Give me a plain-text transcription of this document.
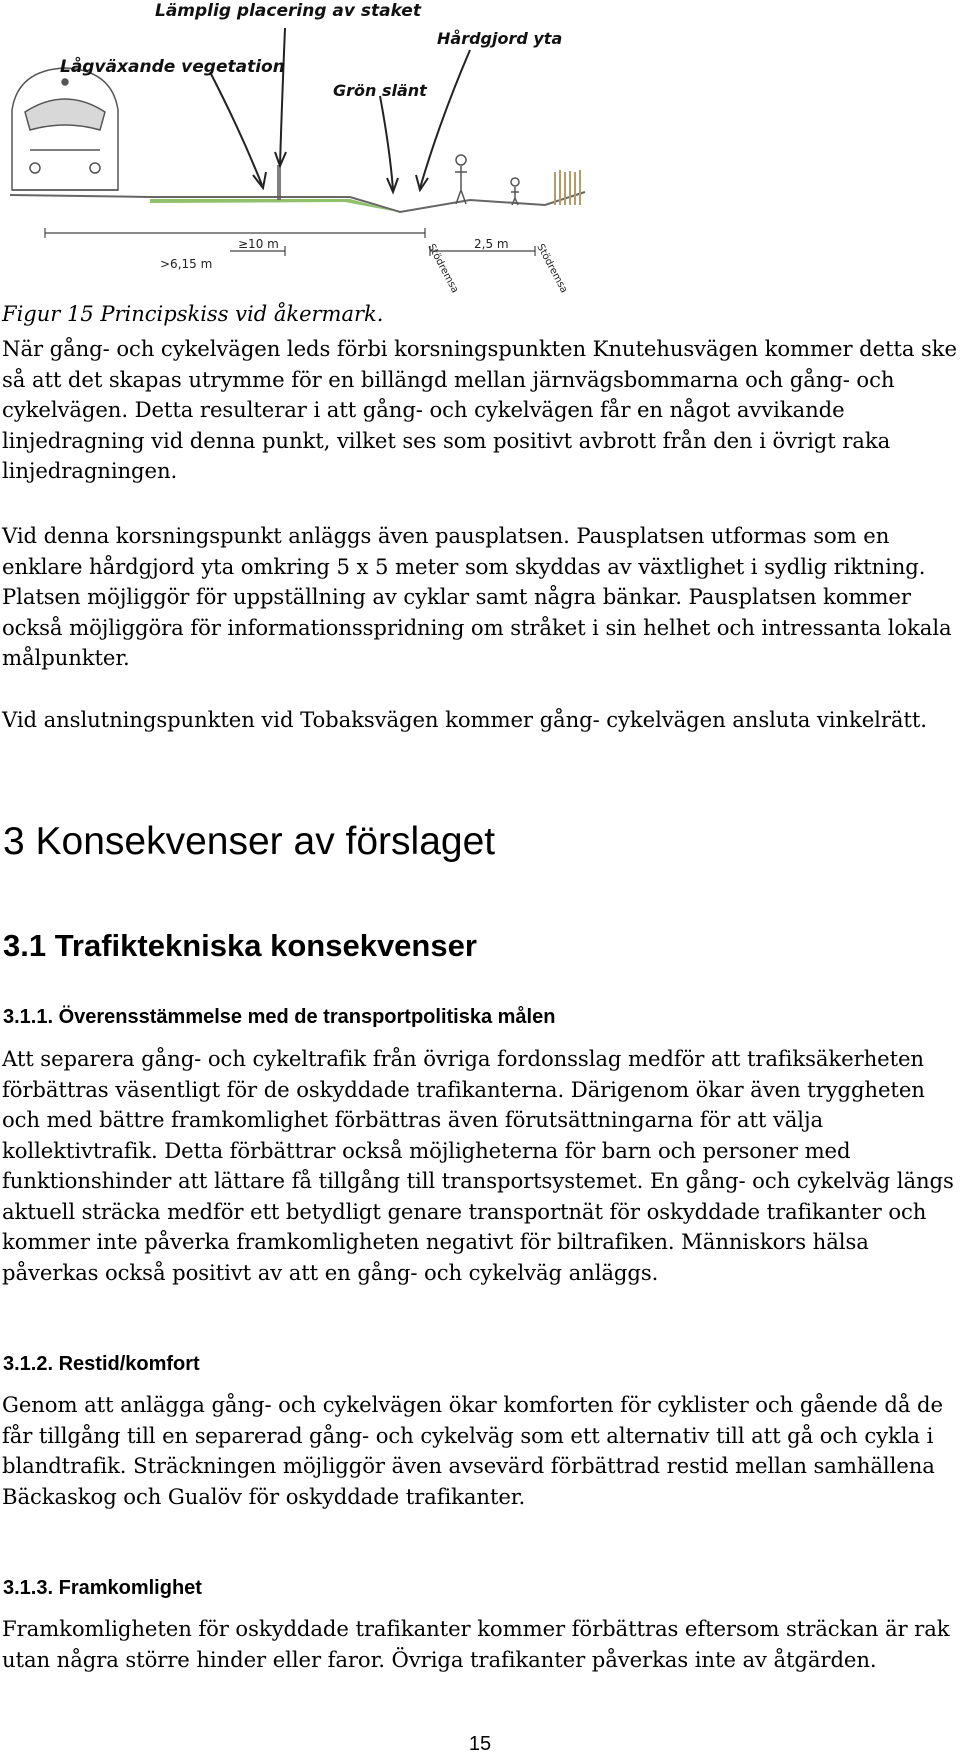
Lämplig placering av staket
Lågväxande vegetation
Hårdgjord yta
Grön slänt
≥10 m
>6,15 m
2,5 m
Stödremsa	Stödremsa
Figur 15 Principskiss vid åkermark.

När gång- och cykelvägen leds förbi korsningspunkten Knutehusvägen kommer detta ske så att det skapas utrymme för en billängd mellan järnvägsbommarna och gång- och cykelvägen. Detta resulterar i att gång- och cykelvägen får en något avvikande linjedragning vid denna punkt, vilket ses som positivt avbrott från den i övrigt raka linjedragningen.

Vid denna korsningspunkt anläggs även pausplatsen. Pausplatsen utformas som en enklare hårdgjord yta omkring 5 x 5 meter som skyddas av växtlighet i sydlig riktning. Platsen möjliggör för uppställning av cyklar samt några bänkar. Pausplatsen kommer också möjliggöra för informationsspridning om stråket i sin helhet och intressanta lokala målpunkter.

Vid anslutningspunkten vid Tobaksvägen kommer gång- cykelvägen ansluta vinkelrätt.

3 Konsekvenser av förslaget
3.1 Trafiktekniska konsekvenser
3.1.1. Överensstämmelse med de transportpolitiska målen

Att separera gång- och cykeltrafik från övriga fordonsslag medför att trafiksäkerheten förbättras väsentligt för de oskyddade trafikanterna. Därigenom ökar även tryggheten och med bättre framkomlighet förbättras även förutsättningarna för att välja kollektivtrafik. Detta förbättrar också möjligheterna för barn och personer med funktionshinder att lättare få tillgång till transportsystemet. En gång- och cykelväg längs aktuell sträcka medför ett betydligt genare transportnät för oskyddade trafikanter och kommer inte påverka framkomligheten negativt för biltrafiken. Människors hälsa påverkas också positivt av att en gång- och cykelväg anläggs.

3.1.2. Restid/komfort

Genom att anlägga gång- och cykelvägen ökar komforten för cyklister och gående då de får tillgång till en separerad gång- och cykelväg som ett alternativ till att gå och cykla i blandtrafik. Sträckningen möjliggör även avsevärd förbättrad restid mellan samhällena Bäckaskog och Gualöv för oskyddade trafikanter.

3.1.3. Framkomlighet

Framkomligheten för oskyddade trafikanter kommer förbättras eftersom sträckan är rak utan några större hinder eller faror. Övriga trafikanter påverkas inte av åtgärden.

15
